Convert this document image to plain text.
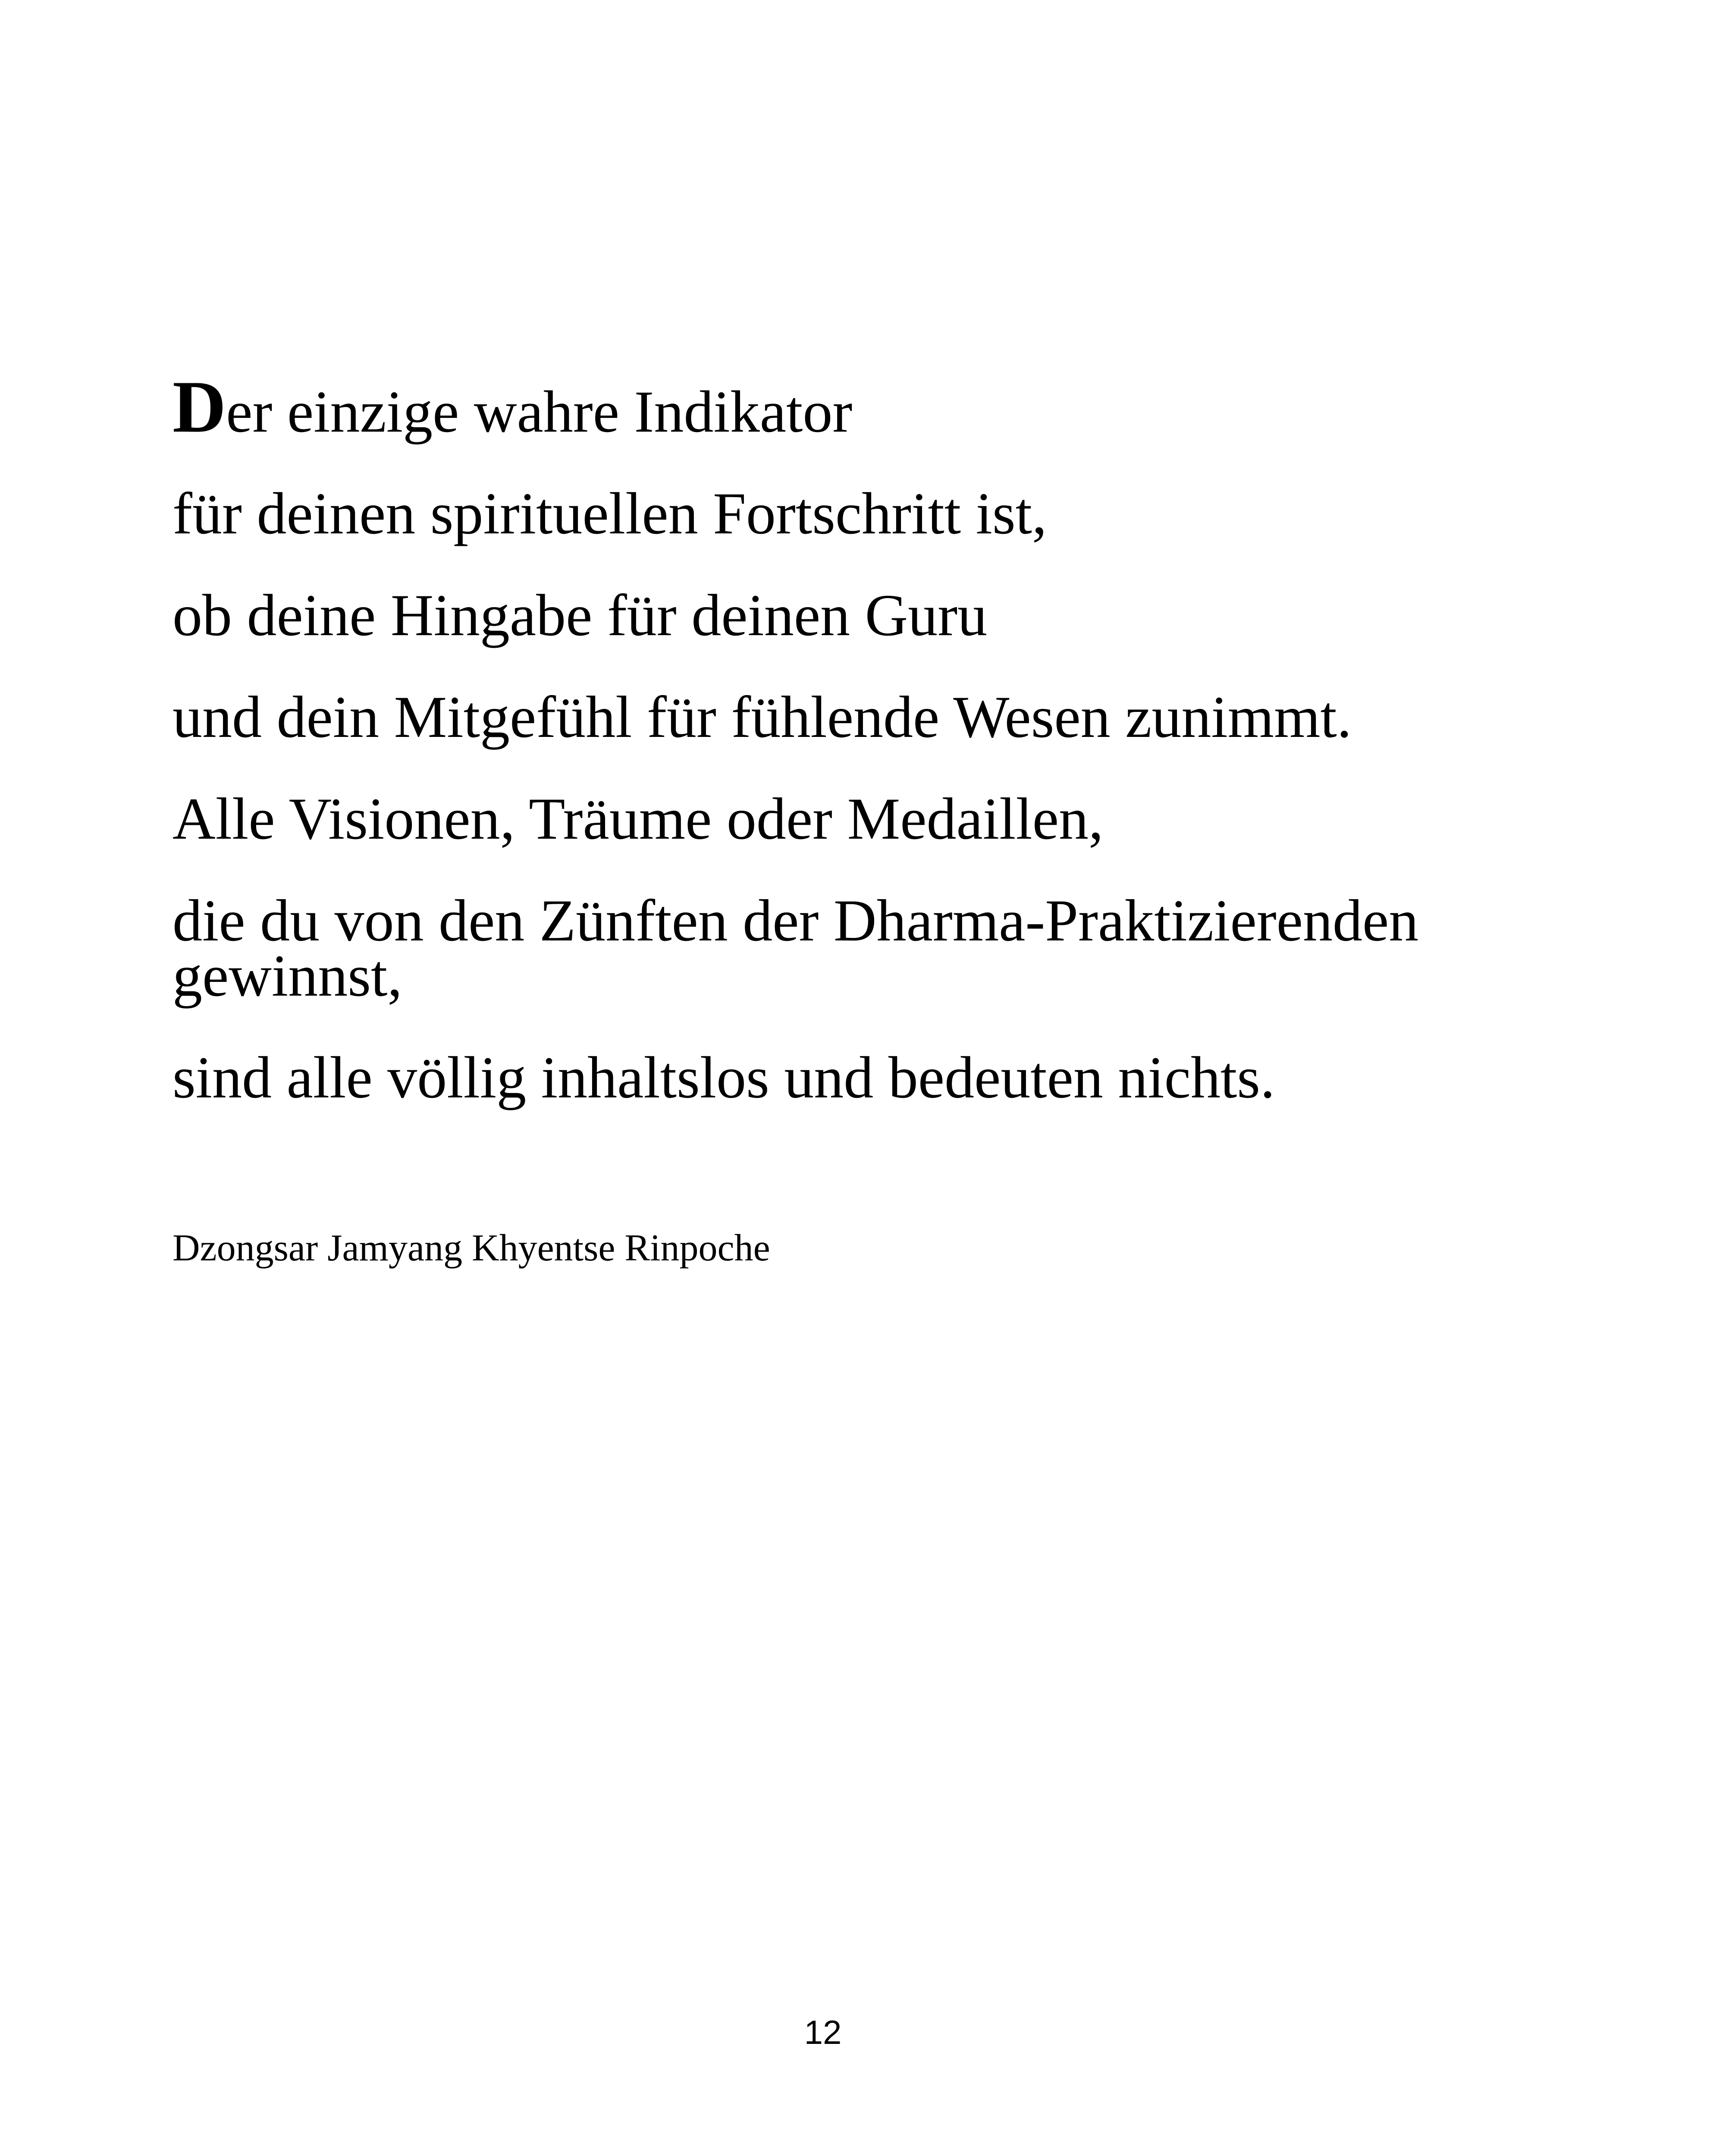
Der einzige wahre Indikator

für deinen spirituellen Fortschritt ist,

ob deine Hingabe für deinen Guru

und dein Mitgefühl für fühlende Wesen zunimmt.

Alle Visionen, Träume oder Medaillen,

die du von den Zünften der Dharma-Praktizierenden gewinnst,

sind alle völlig inhaltslos und bedeuten nichts.

Dzongsar Jamyang Khyentse Rinpoche
12
